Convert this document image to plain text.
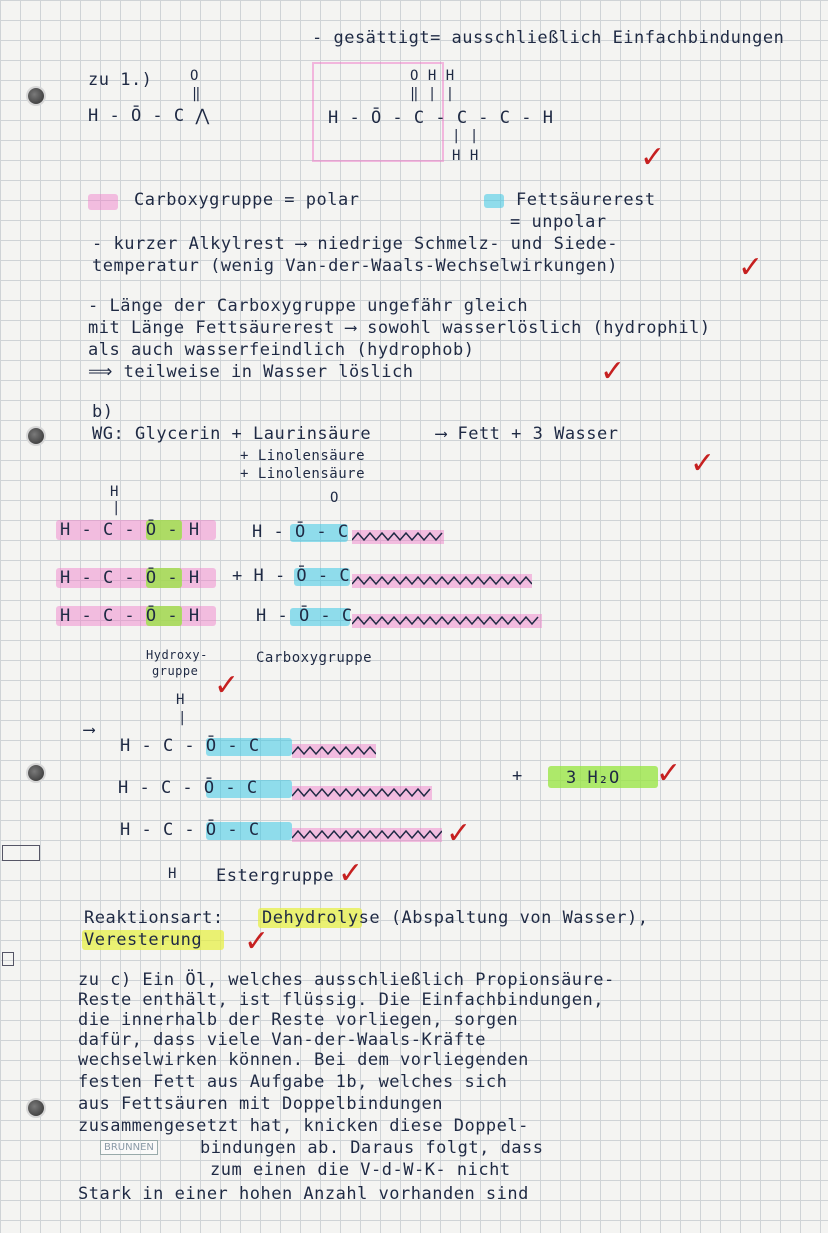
- gesättigt= ausschließlich Einfachbindungen
zu 1.)	O
‖
H - Ō - C ⋀
O H H
‖ | |
H - Ō - C - C - C - H
| |
H H	✓
Carboxygruppe = polar	Fettsäurerest
= unpolar
- kurzer Alkylrest ⟶ niedrige Schmelz- und Siede-
temperatur (wenig Van-der-Waals-Wechselwirkungen)	✓
- Länge der Carboxygruppe ungefähr gleich
mit Länge Fettsäurerest ⟶ sowohl wasserlöslich (hydrophil)
als auch wasserfeindlich (hydrophob)
⟹ teilweise in Wasser löslich	✓
b)
WG: Glycerin + Laurinsäure	⟶ Fett + 3 Wasser
+ Linolensäure
+ Linolensäure	✓
H
|
H - C - Ō - H
H - C - Ō - H
H - C - Ō - H
O
H - Ō - C
+ H - Ō - C
H - Ō - C
Hydroxy-
gruppe
Carboxygruppe
✓
⟶
H
|
H - C - Ō - C
H - C - Ō - C
H - C - Ō - C
+	3 H₂O ✓
✓
H Estergruppe ✓
Reaktionsart: Dehydrolyse (Abspaltung von Wasser),
Veresterung ✓
zu c) Ein Öl, welches ausschließlich Propionsäure-
Reste enthält, ist flüssig. Die Einfachbindungen,
die innerhalb der Reste vorliegen, sorgen
dafür, dass viele Van-der-Waals-Kräfte
wechselwirken können. Bei dem vorliegenden
festen Fett aus Aufgabe 1b, welches sich
aus Fettsäuren mit Doppelbindungen
zusammengesetzt hat, knicken diese Doppel-
BRUNNEN	bindungen ab. Daraus folgt, dass
zum einen die V-d-W-K- nicht
Stark in einer hohen Anzahl vorhanden sind
